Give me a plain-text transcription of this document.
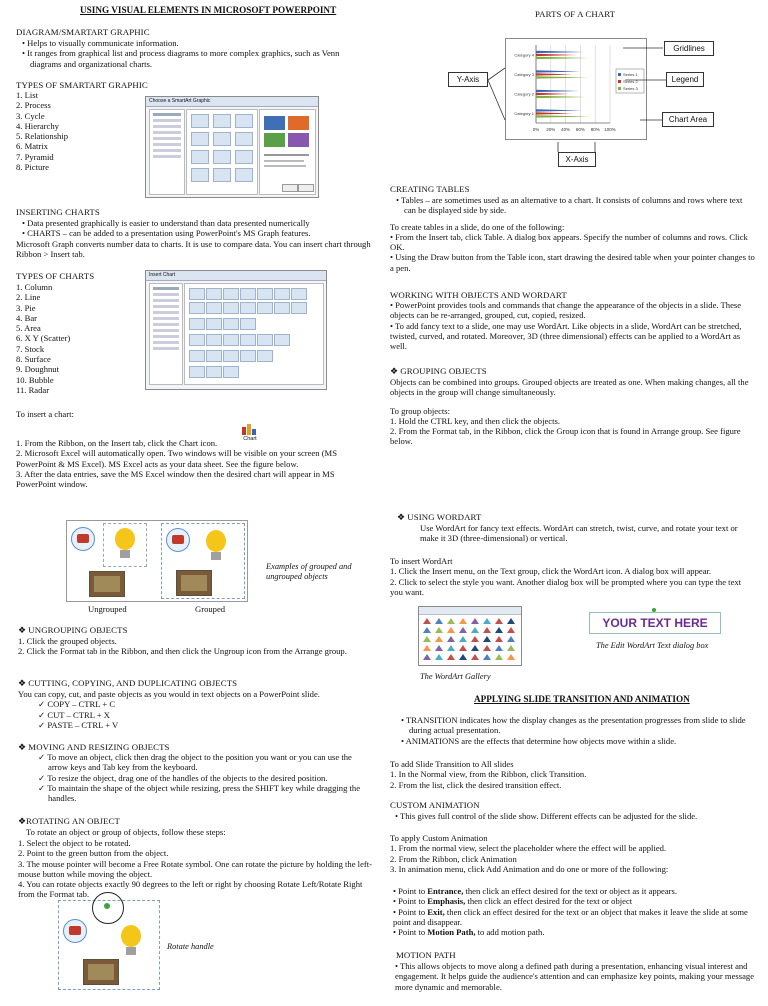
USING VISUAL ELEMENTS IN MICROSOFT POWERPOINT
DIAGRAM/SMARTART GRAPHIC
• Helps to visually communicate information.
• It ranges from graphical list and process diagrams to more complex graphics, such as Venn diagrams and organizational charts.
TYPES OF SMARTART GRAPHIC
1. List
2. Process
3. Cycle
4. Hierarchy
5. Relationship
6. Matrix
7. Pyramid
8. Picture
Choose a SmartArt Graphic
INSERTING CHARTS
• Data presented graphically is easier to understand than data presented numerically
• CHARTS – can be added to a presentation using PowerPoint's MS Graph features.
Microsoft Graph converts number data to charts. It is use to compare data. You can insert chart through Ribbon > Insert tab.
TYPES OF CHARTS
1. Column
2. Line
3. Pie
4. Bar
5. Area
6. X Y (Scatter)
7. Stock
8. Surface
9. Doughnut
10. Bubble
11. Radar
Insert Chart
To insert a chart:
Chart
1. From the Ribbon, on the Insert tab, click the Chart icon.
2. Microsoft Excel will automatically open. Two windows will be visible on your screen (MS PowerPoint & MS Excel). MS Excel acts as your data sheet. See the figure below.
3. After the data entries, save the MS Excel window then the desired chart will appear in MS PowerPoint window.
Examples of grouped and ungrouped objects
Ungrouped	Grouped
❖ UNGROUPING OBJECTS
1. Click the grouped objects.
2. Click the Format tab in the Ribbon, and then click the Ungroup icon from the Arrange group.
❖ CUTTING, COPYING, AND DUPLICATING OBJECTS
You can copy, cut, and paste objects as you would in text objects on a PowerPoint slide.
✓ COPY – CTRL + C
✓ CUT – CTRL + X
✓ PASTE – CTRL + V
❖ MOVING AND RESIZING OBJECTS
✓ To move an object, click then drag the object to the position you want or you can use the arrow keys and Tab key from the keyboard.
✓ To resize the object, drag one of the handles of the objects to the desired position.
✓ To maintain the shape of the object while resizing, press the SHIFT key while dragging the handles.
❖ROTATING AN OBJECT
To rotate an object or group of objects, follow these steps:
1. Select the object to be rotated.
2. Point to the green button from the object.
3. The mouse pointer will become a Free Rotate symbol. One can rotate the picture by holding the left-mouse button while moving the object.
4. You can rotate objects exactly 90 degrees to the left or right by choosing Rotate Left/Rotate Right from the Format tab.
Rotate handle
PARTS OF A CHART
0% 20% 40% 60% 80% 100%
Category 4
Category 3
Category 2
Category 1
Series 1
Series 2
Series 3
Gridlines
Legend
Chart Area
Y-Axis
X-Axis
CREATING TABLES
• Tables – are sometimes used as an alternative to a chart. It consists of columns and rows where text can be displayed side by side.
To create tables in a slide, do one of the following:
• From the Insert tab, click Table. A dialog box appears. Specify the number of columns and rows. Click OK.
• Using the Draw button from the Table icon, start drawing the desired table when your pointer changes to a pen.
WORKING WITH OBJECTS AND WORDART
• PowerPoint provides tools and commands that change the appearance of the objects in a slide. These objects can be re-arranged, grouped, cut, copied, resized.
• To add fancy text to a slide, one may use WordArt. Like objects in a slide, WordArt can be stretched, twisted, curved, and rotated. Moreover, 3D (three dimensional) effects can be applied to a WordArt as well.
❖ GROUPING OBJECTS
Objects can be combined into groups. Grouped objects are treated as one. When making changes, all the objects in the group will change simultaneously.
To group objects:
1. Hold the CTRL key, and then click the objects.
2. From the Format tab, in the Ribbon, click the Group icon that is found in Arrange group. See figure below.
❖ USING WORDART
Use WordArt for fancy text effects. WordArt can stretch, twist, curve, and rotate your text or make it 3D (three-dimensional) or vertical.
To insert WordArt
1. Click the Insert menu, on the Text group, click the WordArt icon. A dialog box will appear.
2. Click to select the style you want. Another dialog box will be prompted where you can type the text you want.
The WordArt Gallery
YOUR TEXT HERE
The Edit WordArt Text dialog box
APPLYING SLIDE TRANSITION AND ANIMATION
• TRANSITION indicates how the display changes as the presentation progresses from slide to slide during actual presentation.
• ANIMATIONS are the effects that determine how objects move within a slide.
To add Slide Transition to All slides
1. In the Normal view, from the Ribbon, click Transition.
2. From the list, click the desired transition effect.
CUSTOM ANIMATION
• This gives full control of the slide show. Different effects can be adjusted for the slide.
To apply Custom Animation
1. From the normal view, select the placeholder where the effect will be applied.
2. From the Ribbon, click Animation
3. In animation menu, click Add Animation and do one or more of the following:
• Point to Entrance, then click an effect desired for the text or object as it appears.
• Point to Emphasis, then click an effect desired for the text or object
• Point to Exit, then click an effect desired for the text or an object that makes it leave the slide at some point and disappear.
• Point to Motion Path, to add motion path.
MOTION PATH
• This allows objects to move along a defined path during a presentation, enhancing visual interest and engagement. It helps guide the audience's attention and can emphasize key points, making your message more dynamic and memorable.
